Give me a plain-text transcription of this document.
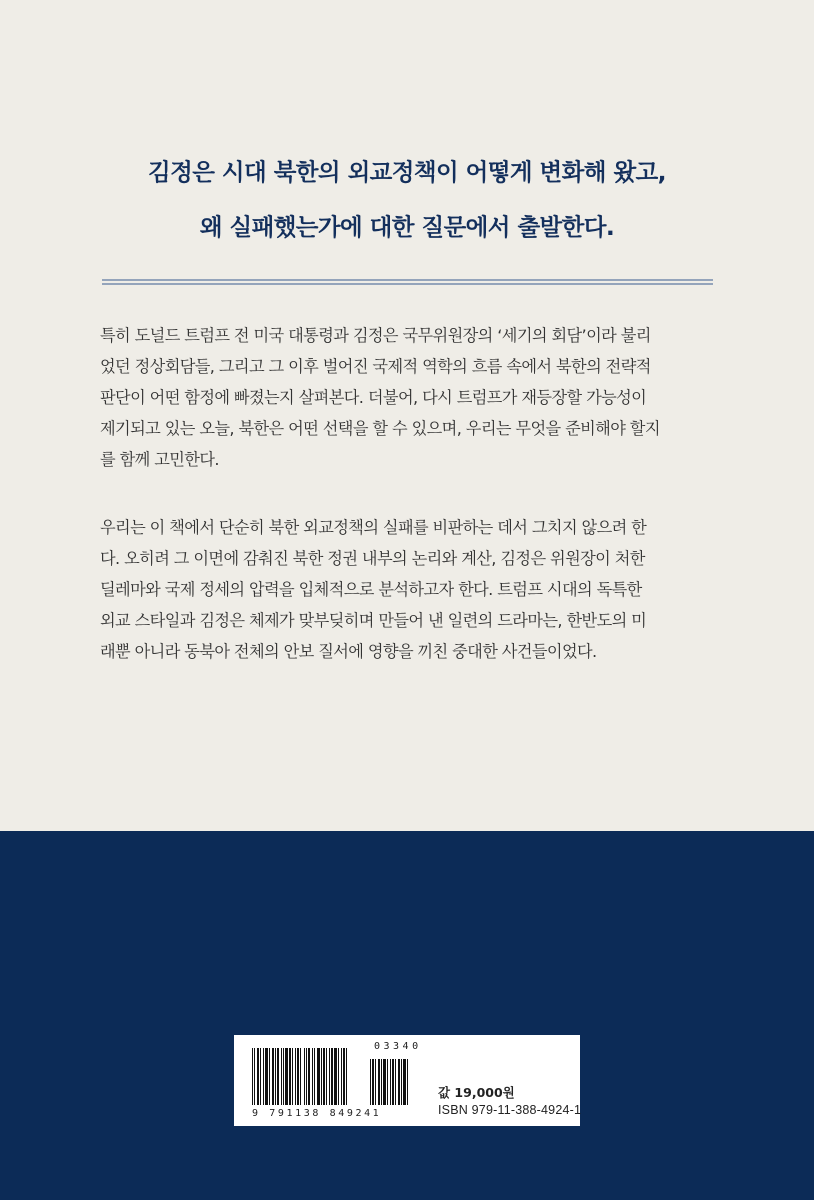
김정은 시대 북한의 외교정책이 어떻게 변화해 왔고,
왜 실패했는가에 대한 질문에서 출발한다.
특히 도널드 트럼프 전 미국 대통령과 김정은 국무위원장의 ‘세기의 회담’이라 불리
었던 정상회담들, 그리고 그 이후 벌어진 국제적 역학의 흐름 속에서 북한의 전략적
판단이 어떤 함정에 빠졌는지 살펴본다. 더불어, 다시 트럼프가 재등장할 가능성이
제기되고 있는 오늘, 북한은 어떤 선택을 할 수 있으며, 우리는 무엇을 준비해야 할지
를 함께 고민한다.
우리는 이 책에서 단순히 북한 외교정책의 실패를 비판하는 데서 그치지 않으려 한
다. 오히려 그 이면에 감춰진 북한 정권 내부의 논리와 계산, 김정은 위원장이 처한
딜레마와 국제 정세의 압력을 입체적으로 분석하고자 한다. 트럼프 시대의 독특한
외교 스타일과 김정은 체제가 맞부딪히며 만들어 낸 일련의 드라마는, 한반도의 미
래뿐 아니라 동북아 전체의 안보 질서에 영향을 끼친 중대한 사건들이었다.
03340
9 791138 849241
값 19,000원
ISBN 979-11-388-4924-1
